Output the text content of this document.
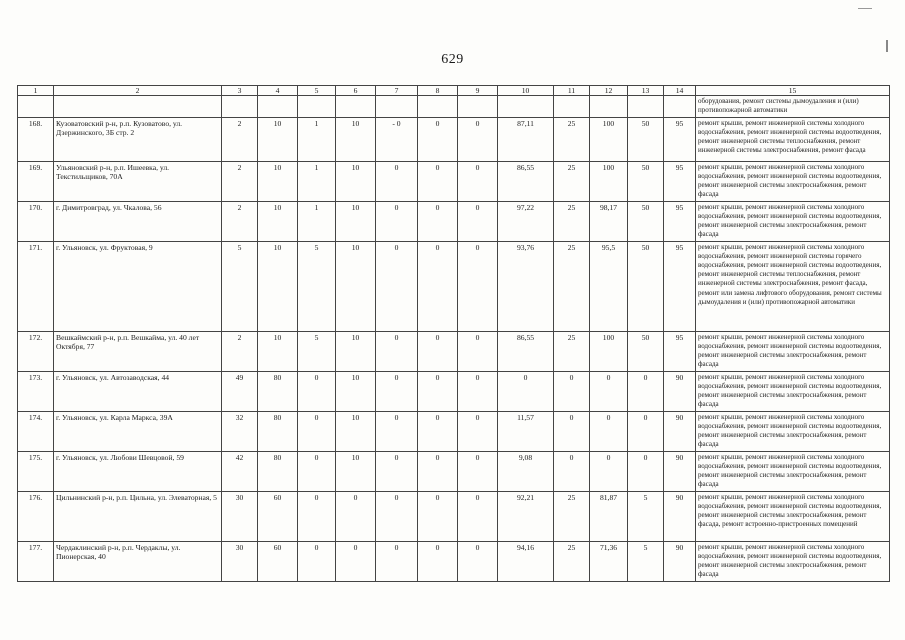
629
1	2	3	4	5	6	7	8	9	10	11	12	13	14	15
														оборудования, ремонт системы дымоудаления и (или) противопожарной автоматики
168.	Кузоватовский р-н, р.п. Кузоватово, ул. Дзержинского, 3Б стр. 2	2	10	1	10	- 0	0	0	87,11	25	100	50	95	ремонт крыши, ремонт инженерной системы холодного водоснабжения, ремонт инженерной системы водоотведения, ремонт инженерной системы теплоснабжения, ремонт инженерной системы электроснабжения, ремонт фасада
169.	Ульяновский р-н, р.п. Ишеевка, ул. Текстильщиков, 70А	2	10	1	10	0	0	0	86,55	25	100	50	95	ремонт крыши, ремонт инженерной системы холодного водоснабжения, ремонт инженерной системы водоотведения, ремонт инженерной системы электроснабжения, ремонт фасада
170.	г. Димитровград, ул. Чкалова, 56	2	10	1	10	0	0	0	97,22	25	98,17	50	95	ремонт крыши, ремонт инженерной системы холодного водоснабжения, ремонт инженерной системы водоотведения, ремонт инженерной системы электроснабжения, ремонт фасада
171.	г. Ульяновск, ул. Фруктовая, 9	5	10	5	10	0	0	0	93,76	25	95,5	50	95	ремонт крыши, ремонт инженерной системы холодного водоснабжения, ремонт инженерной системы горячего водоснабжения, ремонт инженерной системы водоотведения, ремонт инженерной системы теплоснабжения, ремонт инженерной системы электроснабжения, ремонт фасада, ремонт или замена лифтового оборудования, ремонт системы дымоудаления и (или) противопожарной автоматики
172.	Вешкаймский р-н, р.п. Вешкайма, ул. 40 лет Октября, 77	2	10	5	10	0	0	0	86,55	25	100	50	95	ремонт крыши, ремонт инженерной системы холодного водоснабжения, ремонт инженерной системы водоотведения, ремонт инженерной системы электроснабжения, ремонт фасада
173.	г. Ульяновск, ул. Автозаводская, 44	49	80	0	10	0	0	0	0	0	0	0	90	ремонт крыши, ремонт инженерной системы холодного водоснабжения, ремонт инженерной системы водоотведения, ремонт инженерной системы электроснабжения, ремонт фасада
174.	г. Ульяновск, ул. Карла Маркса, 39А	32	80	0	10	0	0	0	11,57	0	0	0	90	ремонт крыши, ремонт инженерной системы холодного водоснабжения, ремонт инженерной системы водоотведения, ремонт инженерной системы электроснабжения, ремонт фасада
175.	г. Ульяновск, ул. Любови Шевцовой, 59	42	80	0	10	0	0	0	9,08	0	0	0	90	ремонт крыши, ремонт инженерной системы холодного водоснабжения, ремонт инженерной системы водоотведения, ремонт инженерной системы электроснабжения, ремонт фасада
176.	Цильнинский р-н, р.п. Цильна, ул. Элеваторная, 5	30	60	0	0	0	0	0	92,21	25	81,87	5	90	ремонт крыши, ремонт инженерной системы холодного водоснабжения, ремонт инженерной системы водоотведения, ремонт инженерной системы электроснабжения, ремонт фасада, ремонт встроенно-пристроенных помещений
177.	Чердаклинский р-н, р.п. Чердаклы, ул. Пионерская, 40	30	60	0	0	0	0	0	94,16	25	71,36	5	90	ремонт крыши, ремонт инженерной системы холодного водоснабжения, ремонт инженерной системы водоотведения, ремонт инженерной системы электроснабжения, ремонт фасада
